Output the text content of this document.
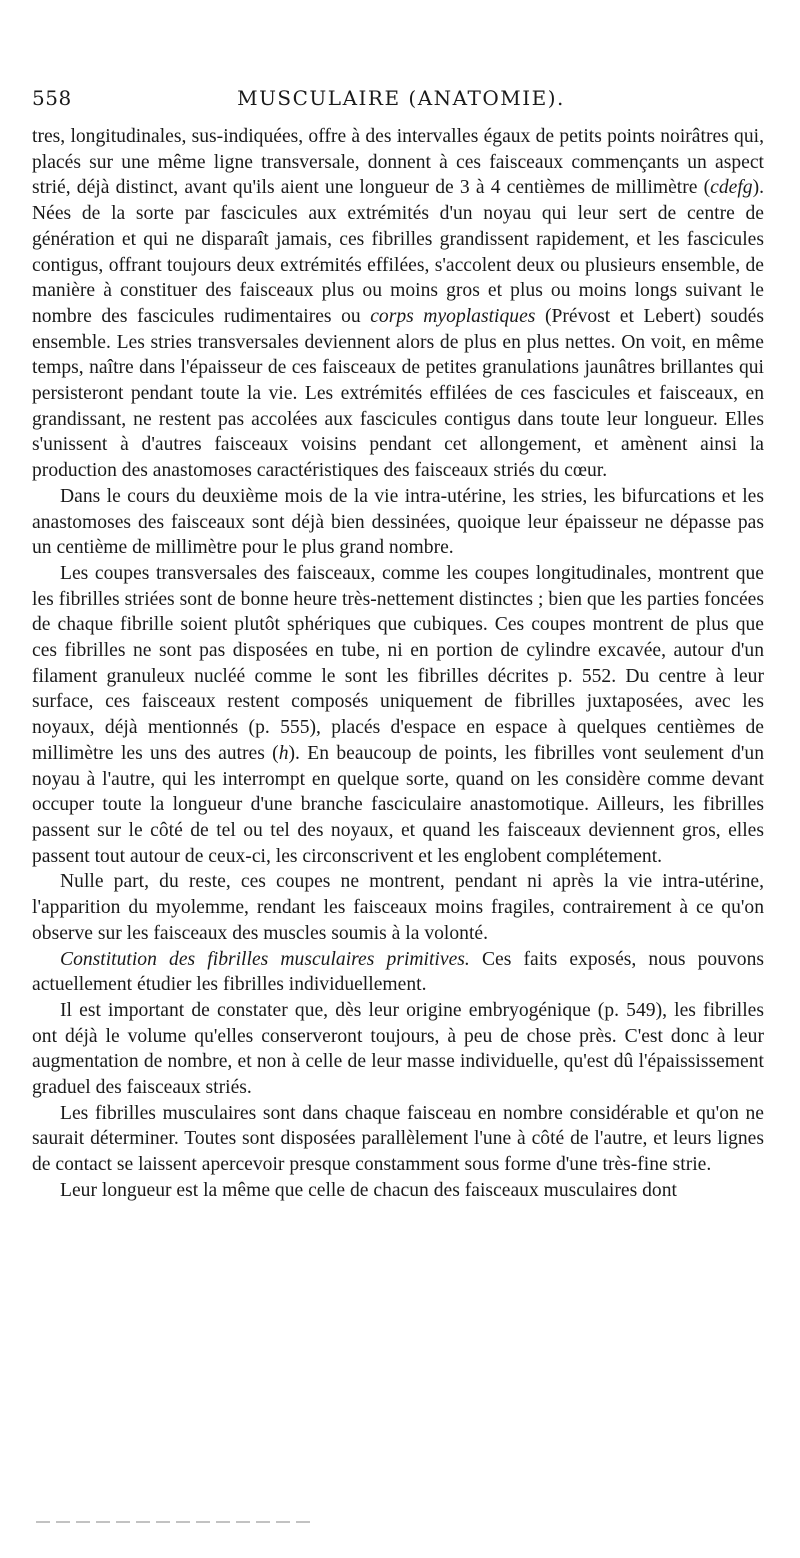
558	MUSCULAIRE (ANATOMIE).

tres, longitudinales, sus-indiquées, offre à des intervalles égaux de petits points noirâtres qui, placés sur une même ligne transversale, donnent à ces faisceaux commençants un aspect strié, déjà distinct, avant qu'ils aient une longueur de 3 à 4 centièmes de millimètre (cdefg). Nées de la sorte par fascicules aux extrémités d'un noyau qui leur sert de centre de génération et qui ne disparaît jamais, ces fibrilles grandissent rapidement, et les fascicules contigus, offrant toujours deux extrémités effilées, s'accolent deux ou plusieurs ensemble, de manière à constituer des faisceaux plus ou moins gros et plus ou moins longs suivant le nombre des fascicules rudimentaires ou corps myoplastiques (Prévost et Lebert) soudés ensemble. Les stries transversales deviennent alors de plus en plus nettes. On voit, en même temps, naître dans l'épaisseur de ces faisceaux de petites granulations jaunâtres brillantes qui persisteront pendant toute la vie. Les extrémités effilées de ces fascicules et faisceaux, en grandissant, ne restent pas accolées aux fascicules contigus dans toute leur longueur. Elles s'unissent à d'autres faisceaux voisins pendant cet allongement, et amènent ainsi la production des anastomoses caractéristiques des faisceaux striés du cœur.

Dans le cours du deuxième mois de la vie intra-utérine, les stries, les bifurcations et les anastomoses des faisceaux sont déjà bien dessinées, quoique leur épaisseur ne dépasse pas un centième de millimètre pour le plus grand nombre.

Les coupes transversales des faisceaux, comme les coupes longitudinales, montrent que les fibrilles striées sont de bonne heure très-nettement distinctes ; bien que les parties foncées de chaque fibrille soient plutôt sphériques que cubiques. Ces coupes montrent de plus que ces fibrilles ne sont pas disposées en tube, ni en portion de cylindre excavée, autour d'un filament granuleux nucléé comme le sont les fibrilles décrites p. 552. Du centre à leur surface, ces faisceaux restent composés uniquement de fibrilles juxtaposées, avec les noyaux, déjà mentionnés (p. 555), placés d'espace en espace à quelques centièmes de millimètre les uns des autres (h). En beaucoup de points, les fibrilles vont seulement d'un noyau à l'autre, qui les interrompt en quelque sorte, quand on les considère comme devant occuper toute la longueur d'une branche fasciculaire anastomotique. Ailleurs, les fibrilles passent sur le côté de tel ou tel des noyaux, et quand les faisceaux deviennent gros, elles passent tout autour de ceux-ci, les circonscrivent et les englobent complétement.

Nulle part, du reste, ces coupes ne montrent, pendant ni après la vie intra-utérine, l'apparition du myolemme, rendant les faisceaux moins fragiles, contrairement à ce qu'on observe sur les faisceaux des muscles soumis à la volonté.

Constitution des fibrilles musculaires primitives. Ces faits exposés, nous pouvons actuellement étudier les fibrilles individuellement.

Il est important de constater que, dès leur origine embryogénique (p. 549), les fibrilles ont déjà le volume qu'elles conserveront toujours, à peu de chose près. C'est donc à leur augmentation de nombre, et non à celle de leur masse individuelle, qu'est dû l'épaississement graduel des faisceaux striés.

Les fibrilles musculaires sont dans chaque faisceau en nombre considérable et qu'on ne saurait déterminer. Toutes sont disposées parallèlement l'une à côté de l'autre, et leurs lignes de contact se laissent apercevoir presque constamment sous forme d'une très-fine strie.

Leur longueur est la même que celle de chacun des faisceaux musculaires dont
